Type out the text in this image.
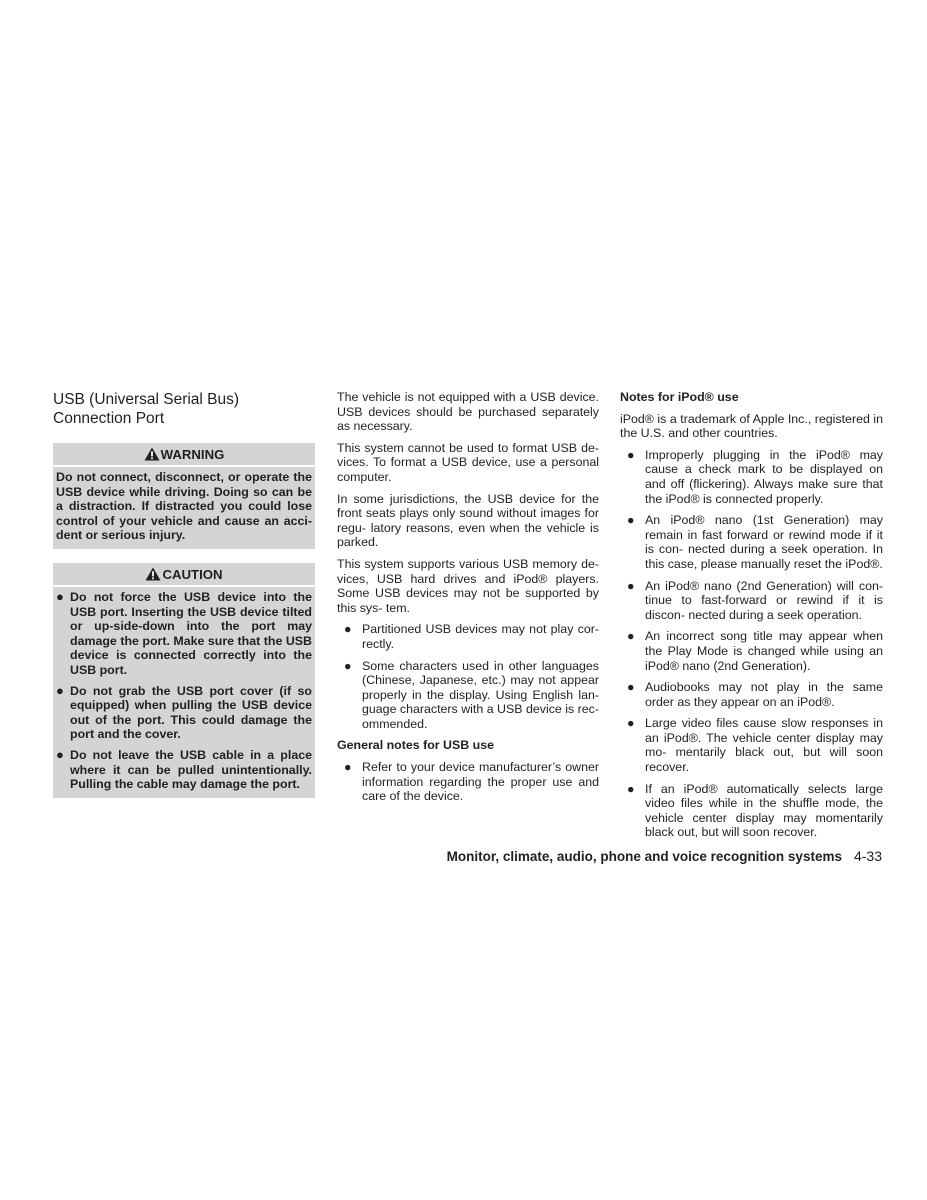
USB (Universal Serial Bus)
Connection Port
WARNING
Do not connect, disconnect, or operate the USB device while driving. Doing so can be a distraction. If distracted you could lose control of your vehicle and cause an acci- dent or serious injury.
CAUTION
● Do not force the USB device into the USB port. Inserting the USB device tilted or up-side-down into the port may damage the port. Make sure that the USB device is connected correctly into the USB port.
● Do not grab the USB port cover (if so equipped) when pulling the USB device out of the port. This could damage the port and the cover.
● Do not leave the USB cable in a place where it can be pulled unintentionally. Pulling the cable may damage the port.

The vehicle is not equipped with a USB device. USB devices should be purchased separately as necessary.

This system cannot be used to format USB de- vices. To format a USB device, use a personal computer.

In some jurisdictions, the USB device for the front seats plays only sound without images for regu- latory reasons, even when the vehicle is parked.

This system supports various USB memory de- vices, USB hard drives and iPod® players. Some USB devices may not be supported by this sys- tem.

● Partitioned USB devices may not play cor- rectly.
● Some characters used in other languages (Chinese, Japanese, etc.) may not appear properly in the display. Using English lan- guage characters with a USB device is rec- ommended.
General notes for USB use
● Refer to your device manufacturer’s owner information regarding the proper use and care of the device.
Notes for iPod® use

iPod® is a trademark of Apple Inc., registered in the U.S. and other countries.

● Improperly plugging in the iPod® may cause a check mark to be displayed on and off (flickering). Always make sure that the iPod® is connected properly.
● An iPod® nano (1st Generation) may remain in fast forward or rewind mode if it is con- nected during a seek operation. In this case, please manually reset the iPod®.
● An iPod® nano (2nd Generation) will con- tinue to fast-forward or rewind if it is discon- nected during a seek operation.
● An incorrect song title may appear when the Play Mode is changed while using an iPod® nano (2nd Generation).
● Audiobooks may not play in the same order as they appear on an iPod®.
● Large video files cause slow responses in an iPod®. The vehicle center display may mo- mentarily black out, but will soon recover.
● If an iPod® automatically selects large video files while in the shuffle mode, the vehicle center display may momentarily black out, but will soon recover.
Monitor, climate, audio, phone and voice recognition systems 4-33
